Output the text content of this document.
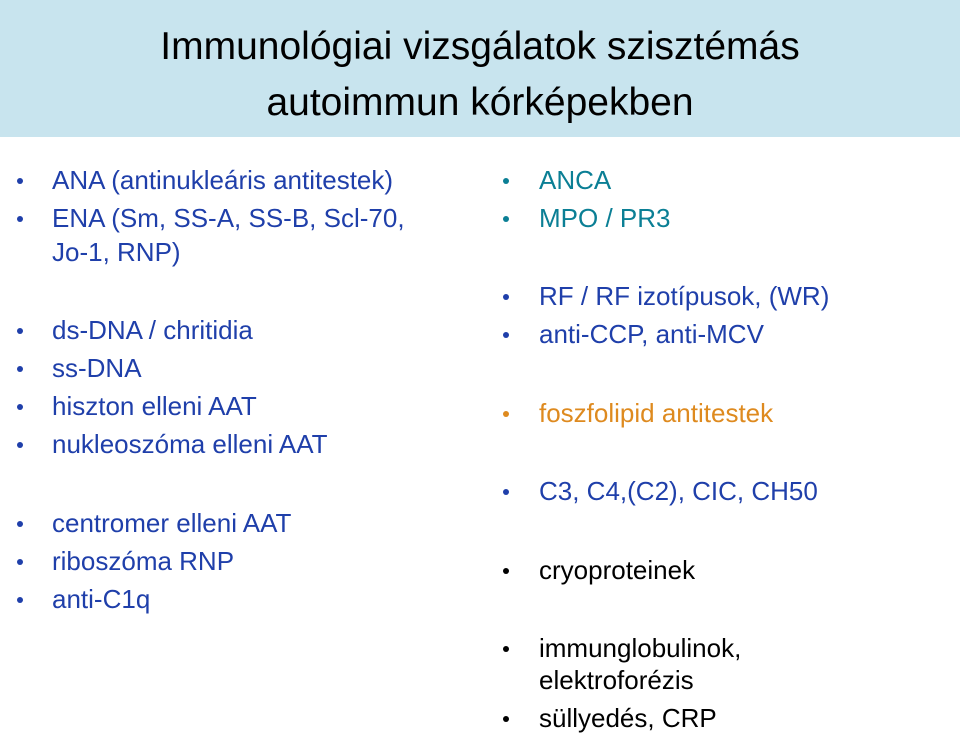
Immunológiai vizsgálatok szisztémás
autoimmun kórképekben
ANA (antinukleáris antitestek)
ENA (Sm, SS-A, SS-B, Scl-70,
Jo-1, RNP)
ds-DNA / chritidia
ss-DNA
hiszton elleni AAT
nukleoszóma elleni AAT
centromer elleni AAT
riboszóma RNP
anti-C1q
ANCA
MPO / PR3
RF / RF izotípusok, (WR)
anti-CCP, anti-MCV
foszfolipid antitestek
C3, C4,(C2), CIC, CH50
cryoproteinek
immunglobulinok,
elektroforézis
süllyedés, CRP
